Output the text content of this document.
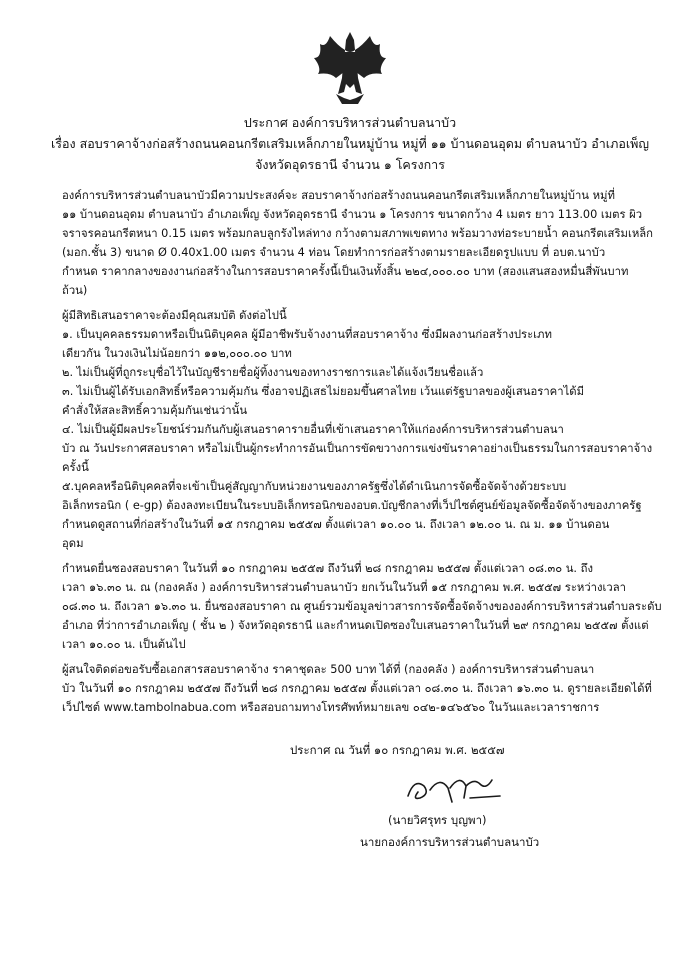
ประกาศ องค์การบริหารส่วนตำบลนาบัว
เรื่อง สอบราคาจ้างก่อสร้างถนนคอนกรีตเสริมเหล็กภายในหมู่บ้าน หมู่ที่ ๑๑ บ้านดอนอุดม ตำบลนาบัว อำเภอเพ็ญ
จังหวัดอุดรธานี จำนวน ๑ โครงการ
องค์การบริหารส่วนตำบลนาบัวมีความประสงค์จะ สอบราคาจ้างก่อสร้างถนนคอนกรีตเสริมเหล็กภายในหมู่บ้าน หมู่ที่
๑๑ บ้านดอนอุดม ตำบลนาบัว อำเภอเพ็ญ จังหวัดอุดรธานี จำนวน ๑ โครงการ ขนาดกว้าง 4 เมตร ยาว 113.00 เมตร ผิว
จราจรคอนกรีตหนา 0.15 เมตร พร้อมกลบลูกรังไหล่ทาง กว้างตามสภาพเขตทาง พร้อมวางท่อระบายน้ำ คอนกรีตเสริมเหล็ก
(มอก.ชั้น 3) ขนาด Ø 0.40x1.00 เมตร จำนวน 4 ท่อน โดยทำการก่อสร้างตามรายละเอียดรูปแบบ ที่ อบต.นาบัว
กำหนด ราคากลางของงานก่อสร้างในการสอบราคาครั้งนี้เป็นเงินทั้งสิ้น ๒๒๔,๐๐๐.๐๐ บาท (สองแสนสองหมื่นสี่พันบาท
ถ้วน)
ผู้มีสิทธิเสนอราคาจะต้องมีคุณสมบัติ ดังต่อไปนี้
๑. เป็นบุคคลธรรมดาหรือเป็นนิติบุคคล ผู้มีอาชีพรับจ้างงานที่สอบราคาจ้าง ซึ่งมีผลงานก่อสร้างประเภท
เดียวกัน ในวงเงินไม่น้อยกว่า ๑๑๒,๐๐๐.๐๐ บาท
๒. ไม่เป็นผู้ที่ถูกระบุชื่อไว้ในบัญชีรายชื่อผู้ทิ้งงานของทางราชการและได้แจ้งเวียนชื่อแล้ว
๓. ไม่เป็นผู้ได้รับเอกสิทธิ์หรือความคุ้มกัน ซึ่งอาจปฏิเสธไม่ยอมขึ้นศาลไทย เว้นแต่รัฐบาลของผู้เสนอราคาได้มี
คำสั่งให้สละสิทธิ์ความคุ้มกันเช่นว่านั้น
๔. ไม่เป็นผู้มีผลประโยชน์ร่วมกันกับผู้เสนอราคารายอื่นที่เข้าเสนอราคาให้แก่องค์การบริหารส่วนตำบลนา
บัว ณ วันประกาศสอบราคา หรือไม่เป็นผู้กระทำการอันเป็นการขัดขวางการแข่งขันราคาอย่างเป็นธรรมในการสอบราคาจ้าง
ครั้งนี้
๕.บุคคลหรือนิติบุคคลที่จะเข้าเป็นคู่สัญญากับหน่วยงานของภาครัฐซึ่งได้ดำเนินการจัดซื้อจัดจ้างด้วยระบบ
อิเล็กทรอนิก ( e-gp) ต้องลงทะเบียนในระบบอิเล็กทรอนิกของอบต.บัญชีกลางที่เว็ปไซต์ศูนย์ข้อมูลจัดซื้อจัดจ้างของภาครัฐ
กำหนดดูสถานที่ก่อสร้างในวันที่ ๑๕ กรกฎาคม ๒๕๕๗ ตั้งแต่เวลา ๑๐.๐๐ น. ถึงเวลา ๑๒.๐๐ น. ณ ม. ๑๑ บ้านดอน
อุดม
กำหนดยื่นซองสอบราคา ในวันที่ ๑๐ กรกฎาคม ๒๕๕๗ ถึงวันที่ ๒๘ กรกฎาคม ๒๕๕๗ ตั้งแต่เวลา ๐๘.๓๐ น. ถึง
เวลา ๑๖.๓๐ น. ณ (กองคลัง ) องค์การบริหารส่วนตำบลนาบัว ยกเว้นในวันที่ ๑๕ กรกฎาคม พ.ศ. ๒๕๕๗ ระหว่างเวลา
๐๘.๓๐ น. ถึงเวลา ๑๖.๓๐ น. ยื่นซองสอบราคา ณ ศูนย์รวมข้อมูลข่าวสารการจัดซื้อจัดจ้างขององค์การบริหารส่วนตำบลระดับ
อำเภอ ที่ว่าการอำเภอเพ็ญ ( ชั้น ๒ ) จังหวัดอุดรธานี และกำหนดเปิดซองใบเสนอราคาในวันที่ ๒๙ กรกฎาคม ๒๕๕๗ ตั้งแต่
เวลา ๑๐.๐๐ น. เป็นต้นไป
ผู้สนใจติดต่อขอรับซื้อเอกสารสอบราคาจ้าง ราคาชุดละ 500 บาท ได้ที่ (กองคลัง ) องค์การบริหารส่วนตำบลนา
บัว ในวันที่ ๑๐ กรกฎาคม ๒๕๕๗ ถึงวันที่ ๒๘ กรกฎาคม ๒๕๕๗ ตั้งแต่เวลา ๐๘.๓๐ น. ถึงเวลา ๑๖.๓๐ น. ดูรายละเอียดได้ที่
เว็ปไซต์ www.tambolnabua.com หรือสอบถามทางโทรศัพท์หมายเลข ๐๔๒-๑๔๖๕๖๐ ในวันและเวลาราชการ
ประกาศ ณ วันที่ ๑๐ กรกฎาคม พ.ศ. ๒๕๕๗
(นายวิศรุทร บุญพา)
นายกองค์การบริหารส่วนตำบลนาบัว
